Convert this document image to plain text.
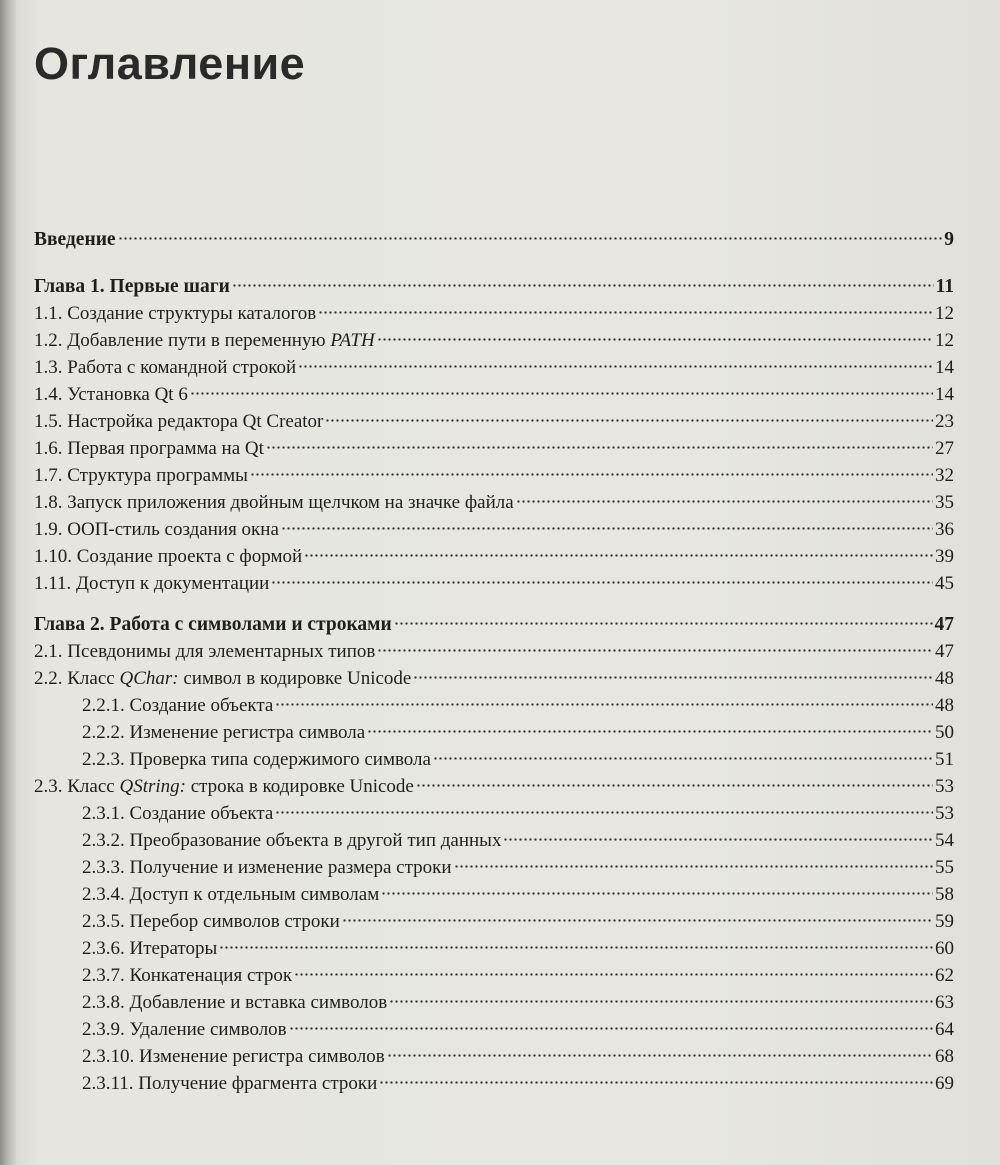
Оглавление
Введение	9
Глава 1. Первые шаги	11
1.1. Создание структуры каталогов	12
1.2. Добавление пути в переменную PATH	12
1.3. Работа с командной строкой	14
1.4. Установка Qt 6	14
1.5. Настройка редактора Qt Creator	23
1.6. Первая программа на Qt	27
1.7. Структура программы	32
1.8. Запуск приложения двойным щелчком на значке файла	35
1.9. ООП-стиль создания окна	36
1.10. Создание проекта с формой	39
1.11. Доступ к документации	45
Глава 2. Работа с символами и строками	47
2.1. Псевдонимы для элементарных типов	47
2.2. Класс QChar: символ в кодировке Unicode	48
2.2.1. Создание объекта	48
2.2.2. Изменение регистра символа	50
2.2.3. Проверка типа содержимого символа	51
2.3. Класс QString: строка в кодировке Unicode	53
2.3.1. Создание объекта	53
2.3.2. Преобразование объекта в другой тип данных	54
2.3.3. Получение и изменение размера строки	55
2.3.4. Доступ к отдельным символам	58
2.3.5. Перебор символов строки	59
2.3.6. Итераторы	60
2.3.7. Конкатенация строк	62
2.3.8. Добавление и вставка символов	63
2.3.9. Удаление символов	64
2.3.10. Изменение регистра символов	68
2.3.11. Получение фрагмента строки	69
